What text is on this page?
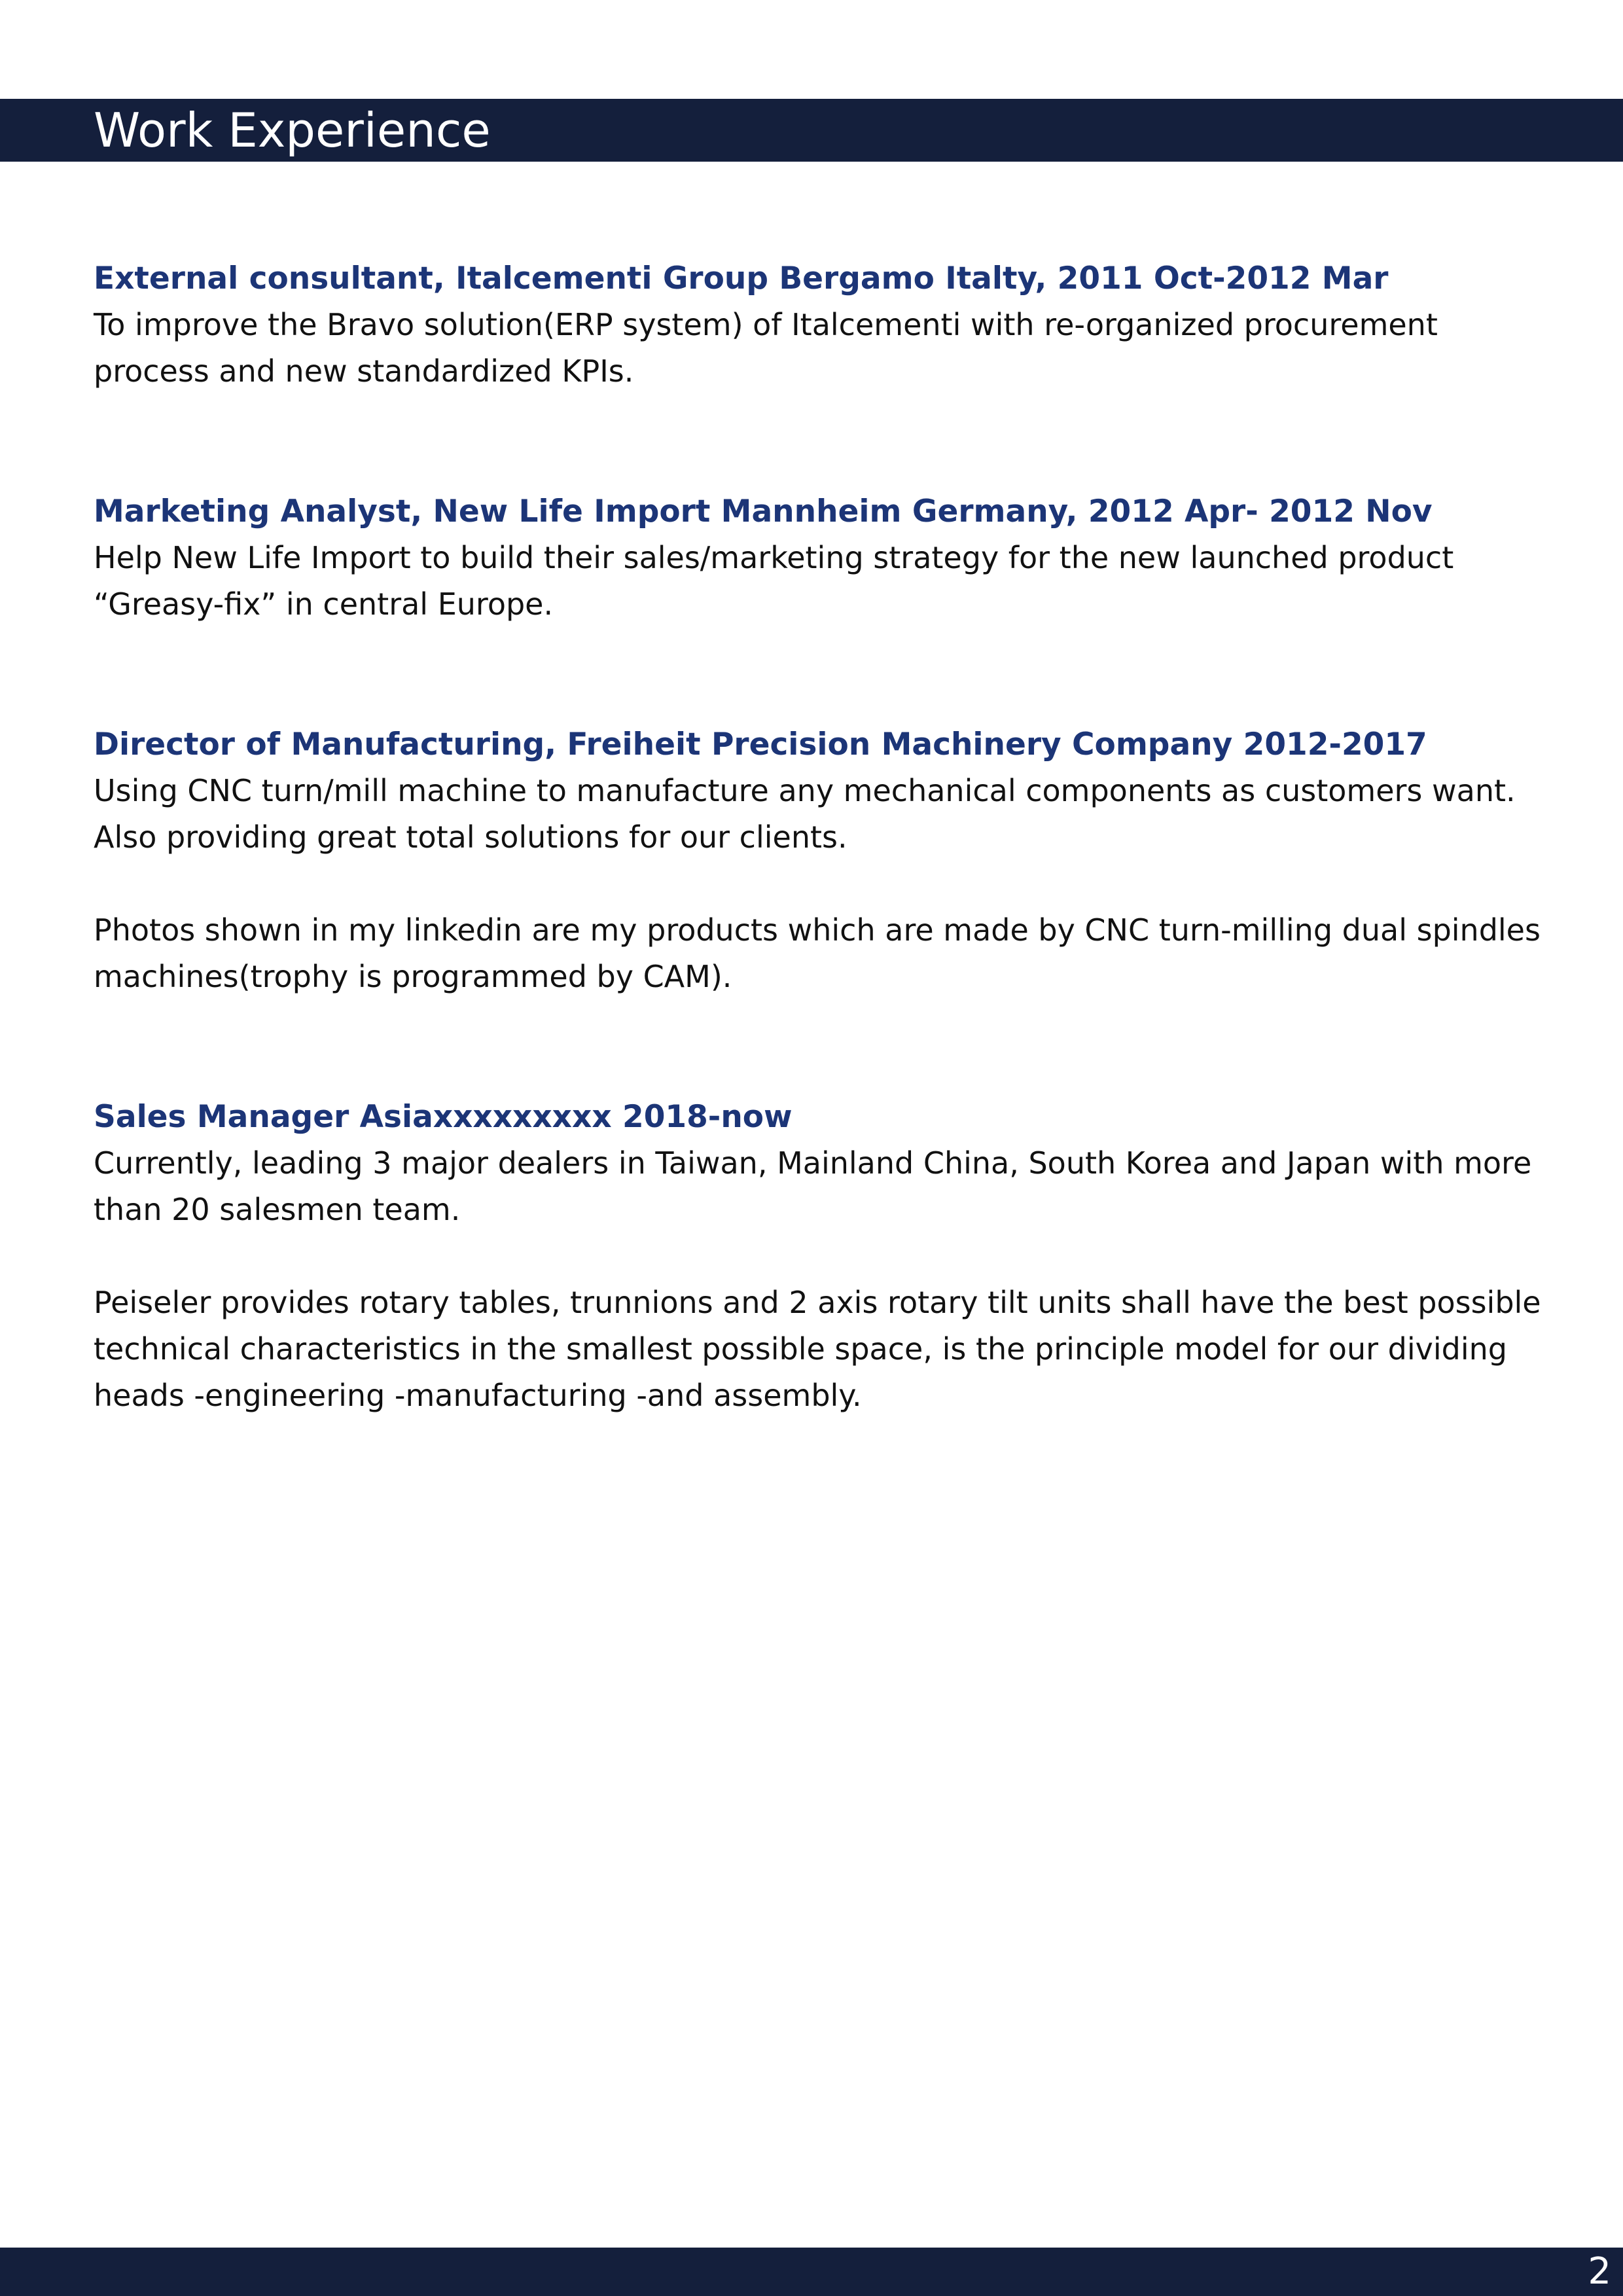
Work Experience

External consultant, Italcementi Group Bergamo Italty, 2011 Oct-2012 Mar

To improve the Bravo solution(ERP system) of Italcementi with re-organized procurement process and new standardized KPIs.

Marketing Analyst, New Life Import Mannheim Germany, 2012 Apr- 2012 Nov

Help New Life Import to build their sales/marketing strategy for the new launched product “Greasy-fix” in central Europe.

Director of Manufacturing, Freiheit Precision Machinery Company 2012-2017

Using CNC turn/mill machine to manufacture any mechanical components as customers want. Also providing great total solutions for our clients.

Photos shown in my linkedin are my products which are made by CNC turn-milling dual spindles machines(trophy is programmed by CAM).

Sales Manager Asiaxxxxxxxxx 2018-now

Currently, leading 3 major dealers in Taiwan, Mainland China, South Korea and Japan with more than 20 salesmen team.

Peiseler provides rotary tables, trunnions and 2 axis rotary tilt units shall have the best possible technical characteristics in the smallest possible space, is the principle model for our dividing heads -engineering -manufacturing -and assembly.

2
